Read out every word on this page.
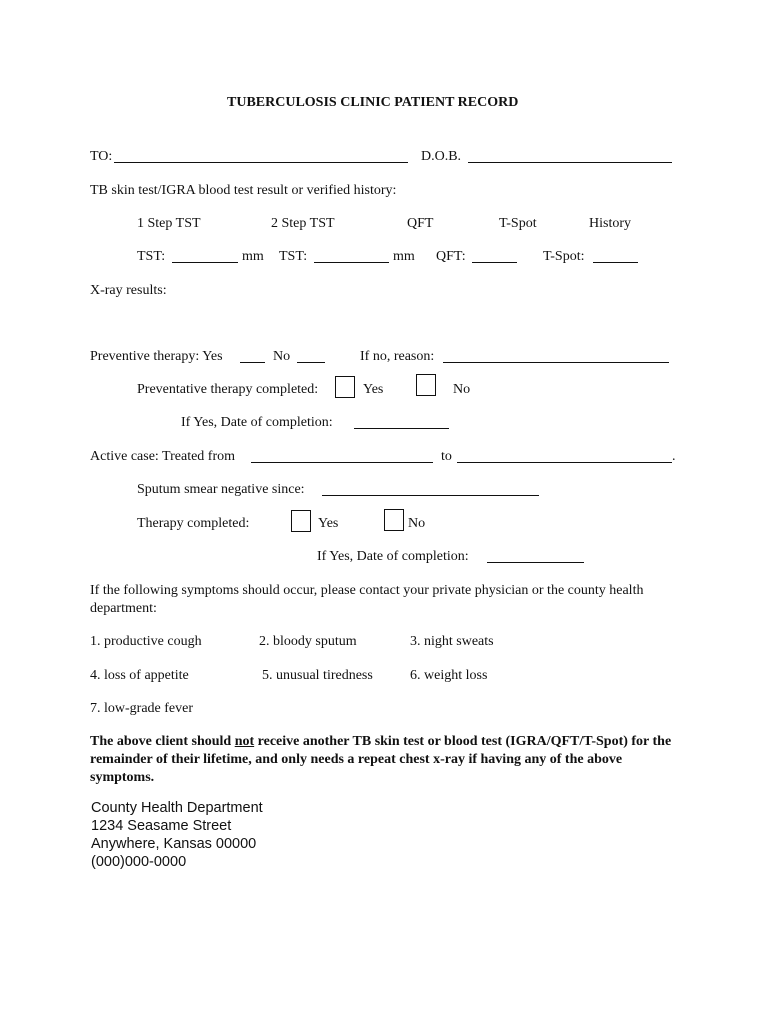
TUBERCULOSIS CLINIC PATIENT RECORD
TO:	D.O.B.
TB skin test/IGRA blood test result or verified history:
1 Step TST	2 Step TST	QFT	T-Spot	History
TST:	mm TST:	mm QFT:	T-Spot:
X-ray results:
Preventive therapy: Yes	No	If no, reason:
Preventative therapy completed:	Yes	No
If Yes, Date of completion:
Active case: Treated from	to	.
Sputum smear negative since:
Therapy completed:	Yes	No
If Yes, Date of completion:
If the following symptoms should occur, please contact your private physician or the county health department:
1. productive cough	2. bloody sputum	3. night sweats
4. loss of appetite	5. unusual tiredness	6. weight loss
7. low-grade fever
The above client should not receive another TB skin test or blood test (IGRA/QFT/T-Spot) for the remainder of their lifetime, and only needs a repeat chest x-ray if having any of the above symptoms.
County Health Department
1234 Seasame Street
Anywhere, Kansas 00000
(000)000-0000
